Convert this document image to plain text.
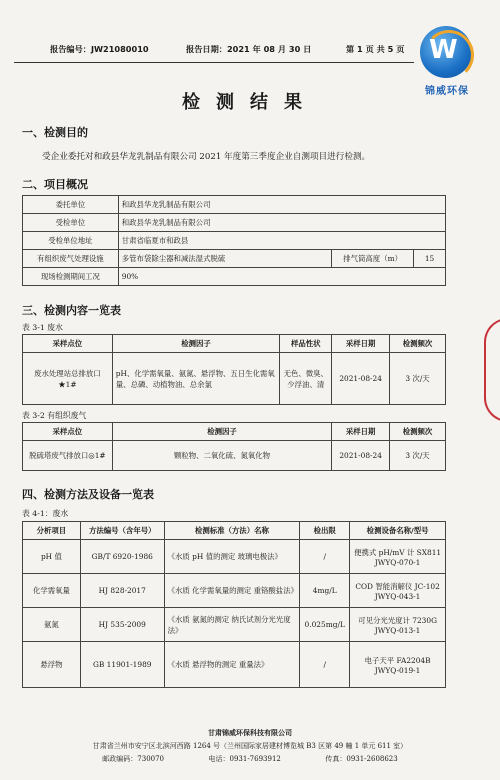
报告编号：JW21080010	报告日期：2021 年 08 月 30 日	第 1 页 共 5 页 W
锦威环保
检测结果
一、检测目的
受企业委托对和政县华龙乳制品有限公司 2021 年度第三季度企业自测项目进行检测。
二、项目概况
委托单位	和政县华龙乳制品有限公司		
受检单位	和政县华龙乳制品有限公司		
受检单位地址	甘肃省临夏市和政县		
有组织废气处理设施	多管布袋除尘器和减法湿式脱硫	排气筒高度（m）	15
现场检测期间工况	90%		
三、检测内容一览表
表 3-1 废水
采样点位	检测因子	样品性状	采样日期	检测频次
废水处理站总排放口★1#	pH、化学需氧量、氨氮、悬浮物、五日生化需氧量、总磷、动植物油、总余氯	无色、微臭、少浮油、清	2021-08-24	3 次/天
表 3-2 有组织废气
采样点位	检测因子	采样日期	检测频次
脱硫塔废气排放口◎1#	颗粒物、二氧化硫、氮氧化物	2021-08-24	3 次/天
四、检测方法及设备一览表
表 4-1：废水
分析项目	方法编号（含年号）	检测标准（方法）名称	检出限	检测设备名称/型号
pH 值	GB/T 6920-1986	《水质 pH 值的测定 玻璃电极法》	/	便携式 pH/mV 计 SX811 JWYQ-070-1
化学需氧量	HJ 828-2017	《水质 化学需氧量的测定 重铬酸盐法》	4mg/L	COD 智能消解仪 JC-102 JWYQ-043-1
氨氮	HJ 535-2009	《水质 氨氮的测定 纳氏试剂分光光度法》	0.025mg/L	可见分光光度计 7230G JWYQ-013-1
悬浮物	GB 11901-1989	《水质 悬浮物的测定 重量法》	/	电子天平 FA2204B JWYQ-019-1
甘肃锦威环保科技有限公司
甘肃省兰州市安宁区北滨河西路 1264 号（兰州国际家居建材博览城 B3 区第 49 幢 1 单元 611 室）
邮政编码：730070                    电话：0931-7693912                    传真：0931-2608623
